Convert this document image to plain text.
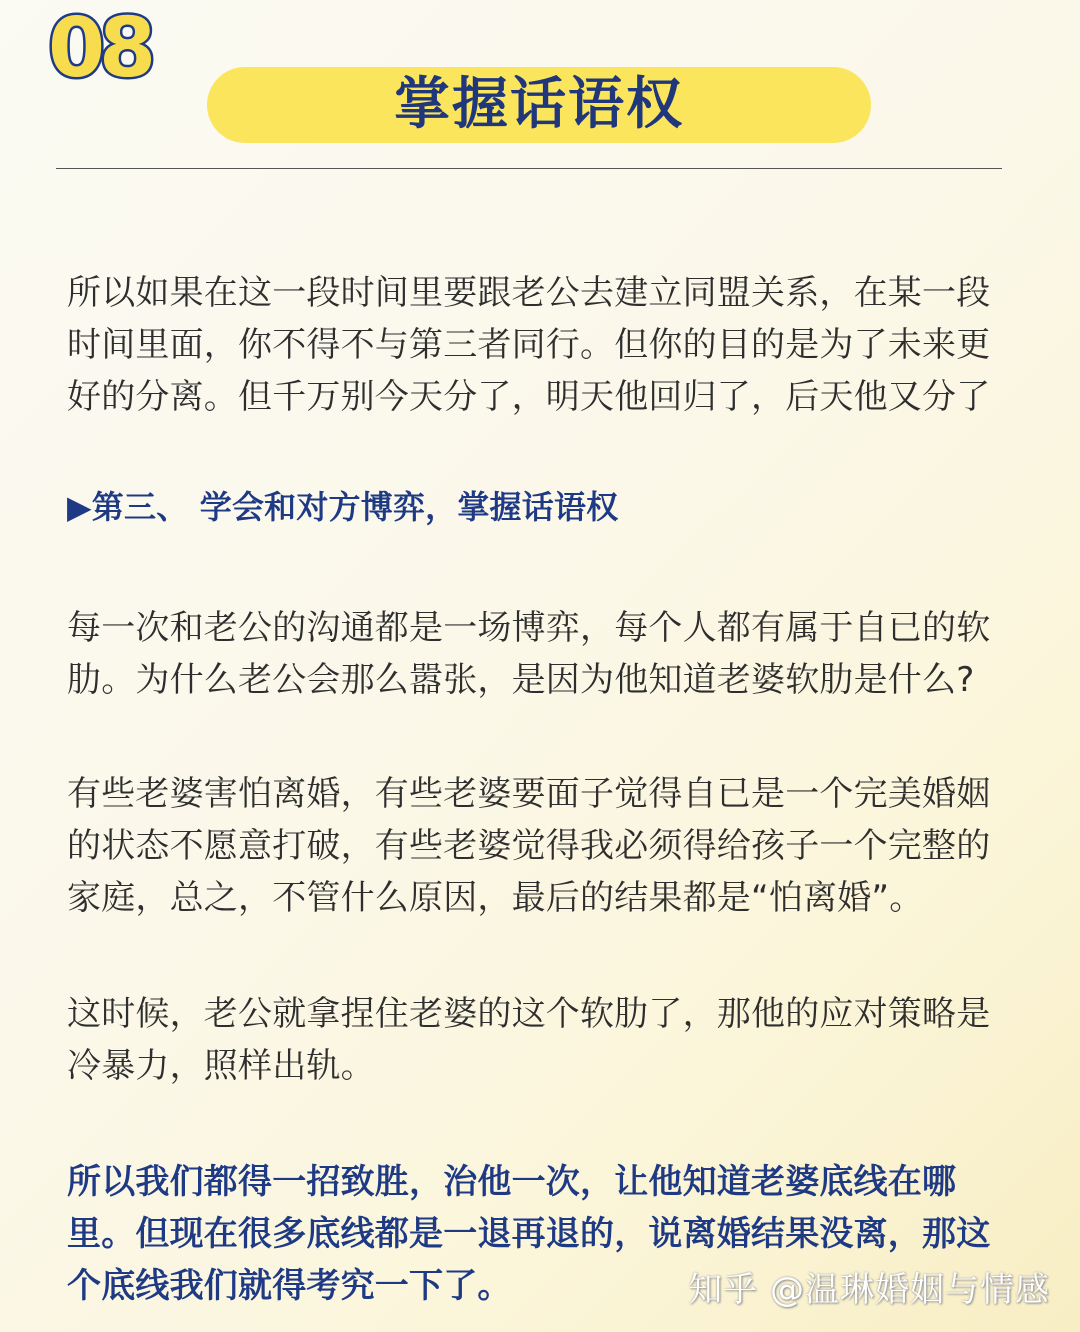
08
掌握话语权

所以如果在这一段时间里要跟老公去建立同盟关系，在某一段时间里面，你不得不与第三者同行。但你的目的是为了未来更好的分离。但千万别今天分了，明天他回归了，后天他又分了

▶第三、 学会和对方博弈，掌握话语权

每一次和老公的沟通都是一场博弈，每个人都有属于自已的软肋。为什么老公会那么嚣张，是因为他知道老婆软肋是什么?

有些老婆害怕离婚，有些老婆要面子觉得自已是一个完美婚姻的状态不愿意打破，有些老婆觉得我必须得给孩子一个完整的家庭，总之，不管什么原因，最后的结果都是“怕离婚”。

这时候，老公就拿捏住老婆的这个软肋了，那他的应对策略是冷暴力，照样出轨。

所以我们都得一招致胜，治他一次，让他知道老婆底线在哪里。但现在很多底线都是一退再退的，说离婚结果没离，那这个底线我们就得考究一下了。	知乎 @温琳婚姻与情感
